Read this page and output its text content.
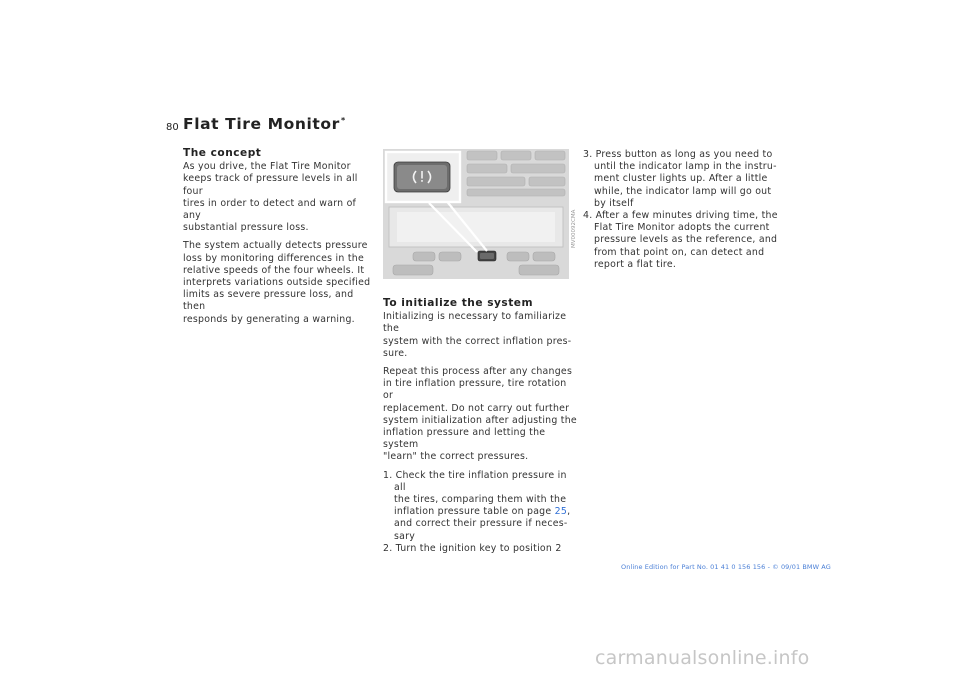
80 Flat Tire Monitor*
The concept

As you drive, the Flat Tire Monitor
keeps track of pressure levels in all four
tires in order to detect and warn of any
substantial pressure loss.

The system actually detects pressure
loss by monitoring differences in the
relative speeds of the four wheels. It
interprets variations outside specified
limits as severe pressure loss, and then
responds by generating a warning.

MV00092CMA
To initialize the system

Initializing is necessary to familiarize the
system with the correct inflation pres-
sure.

Repeat this process after any changes
in tire inflation pressure, tire rotation or
replacement. Do not carry out further
system initialization after adjusting the
inflation pressure and letting the system
"learn" the correct pressures.

1. Check the tire inflation pressure in all
the tires, comparing them with the
inflation pressure table on page 25,
and correct their pressure if neces-
sary
2. Turn the ignition key to position 2
3. Press button as long as you need to
until the indicator lamp in the instru-
ment cluster lights up. After a little
while, the indicator lamp will go out
by itself
4. After a few minutes driving time, the
Flat Tire Monitor adopts the current
pressure levels as the reference, and
from that point on, can detect and
report a flat tire.
Online Edition for Part No. 01 41 0 156 156 - © 09/01 BMW AG
carmanualsonline.info
